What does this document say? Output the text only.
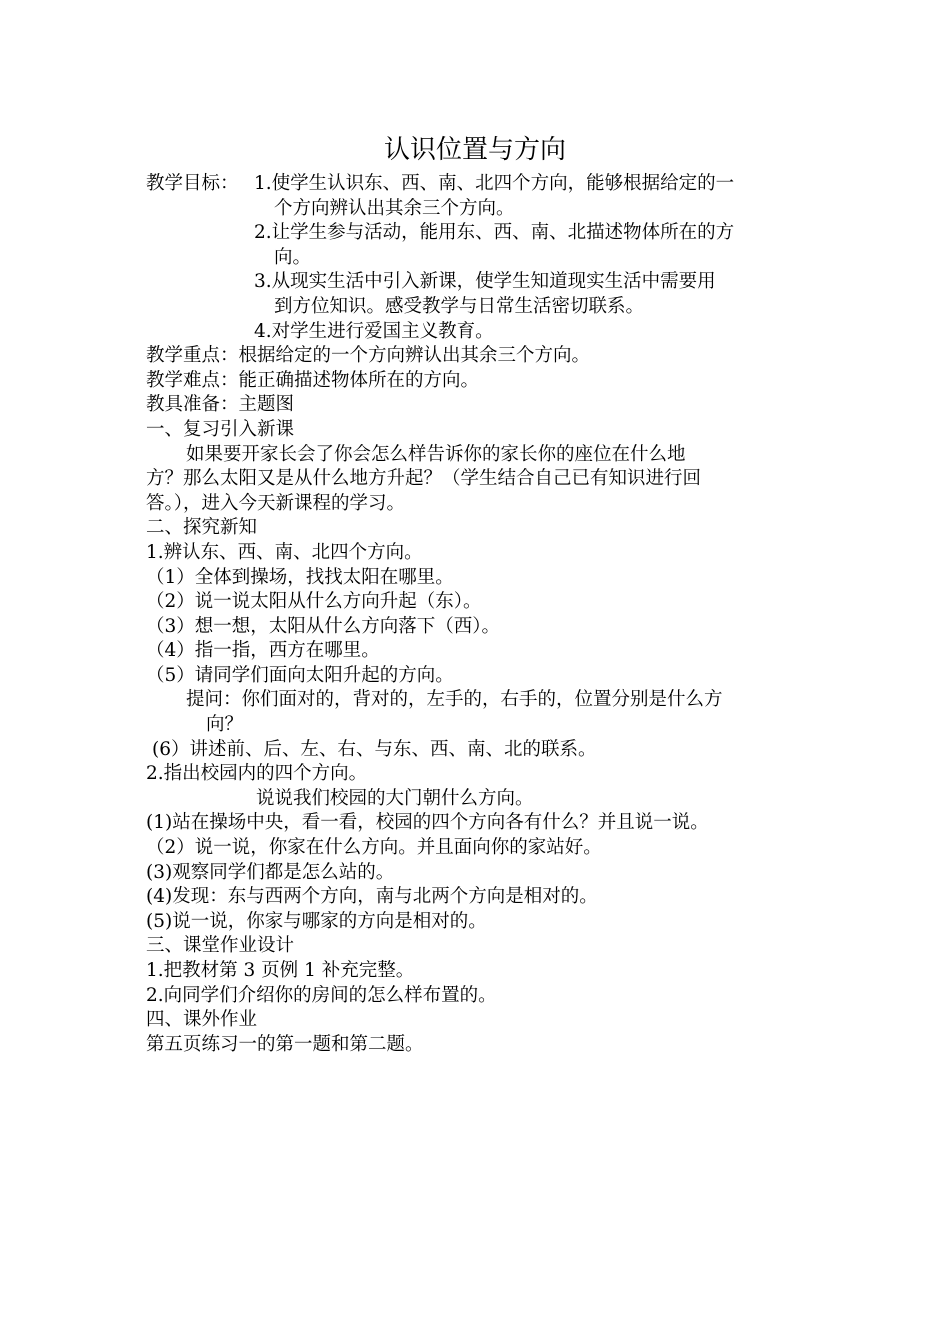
认识位置与方向
教学目标： 1.使学生认识东、西、南、北四个方向，能够根据给定的一
个方向辨认出其余三个方向。
2.让学生参与活动，能用东、西、南、北描述物体所在的方
向。
3.从现实生活中引入新课，使学生知道现实生活中需要用
到方位知识。感受教学与日常生活密切联系。
4.对学生进行爱国主义教育。
教学重点：根据给定的一个方向辨认出其余三个方向。
教学难点：能正确描述物体所在的方向。
教具准备：主题图
一、复习引入新课
如果要开家长会了你会怎么样告诉你的家长你的座位在什么地
方？那么太阳又是从什么地方升起？（学生结合自己已有知识进行回
答。），进入今天新课程的学习。
二、探究新知
1.辨认东、西、南、北四个方向。
（1）全体到操场，找找太阳在哪里。
（2）说一说太阳从什么方向升起（东）。
（3）想一想，太阳从什么方向落下（西）。
（4）指一指，西方在哪里。
（5）请同学们面向太阳升起的方向。
提问：你们面对的，背对的，左手的，右手的，位置分别是什么方
向？
(6）讲述前、后、左、右、与东、西、南、北的联系。
2.指出校园内的四个方向。
说说我们校园的大门朝什么方向。
(1)站在操场中央，看一看，校园的四个方向各有什么？并且说一说。
（2）说一说，你家在什么方向。并且面向你的家站好。
(3)观察同学们都是怎么站的。
(4)发现：东与西两个方向，南与北两个方向是相对的。
(5)说一说，你家与哪家的方向是相对的。
三、课堂作业设计
1.把教材第 3 页例 1 补充完整。
2.向同学们介绍你的房间的怎么样布置的。
四、课外作业
第五页练习一的第一题和第二题。
